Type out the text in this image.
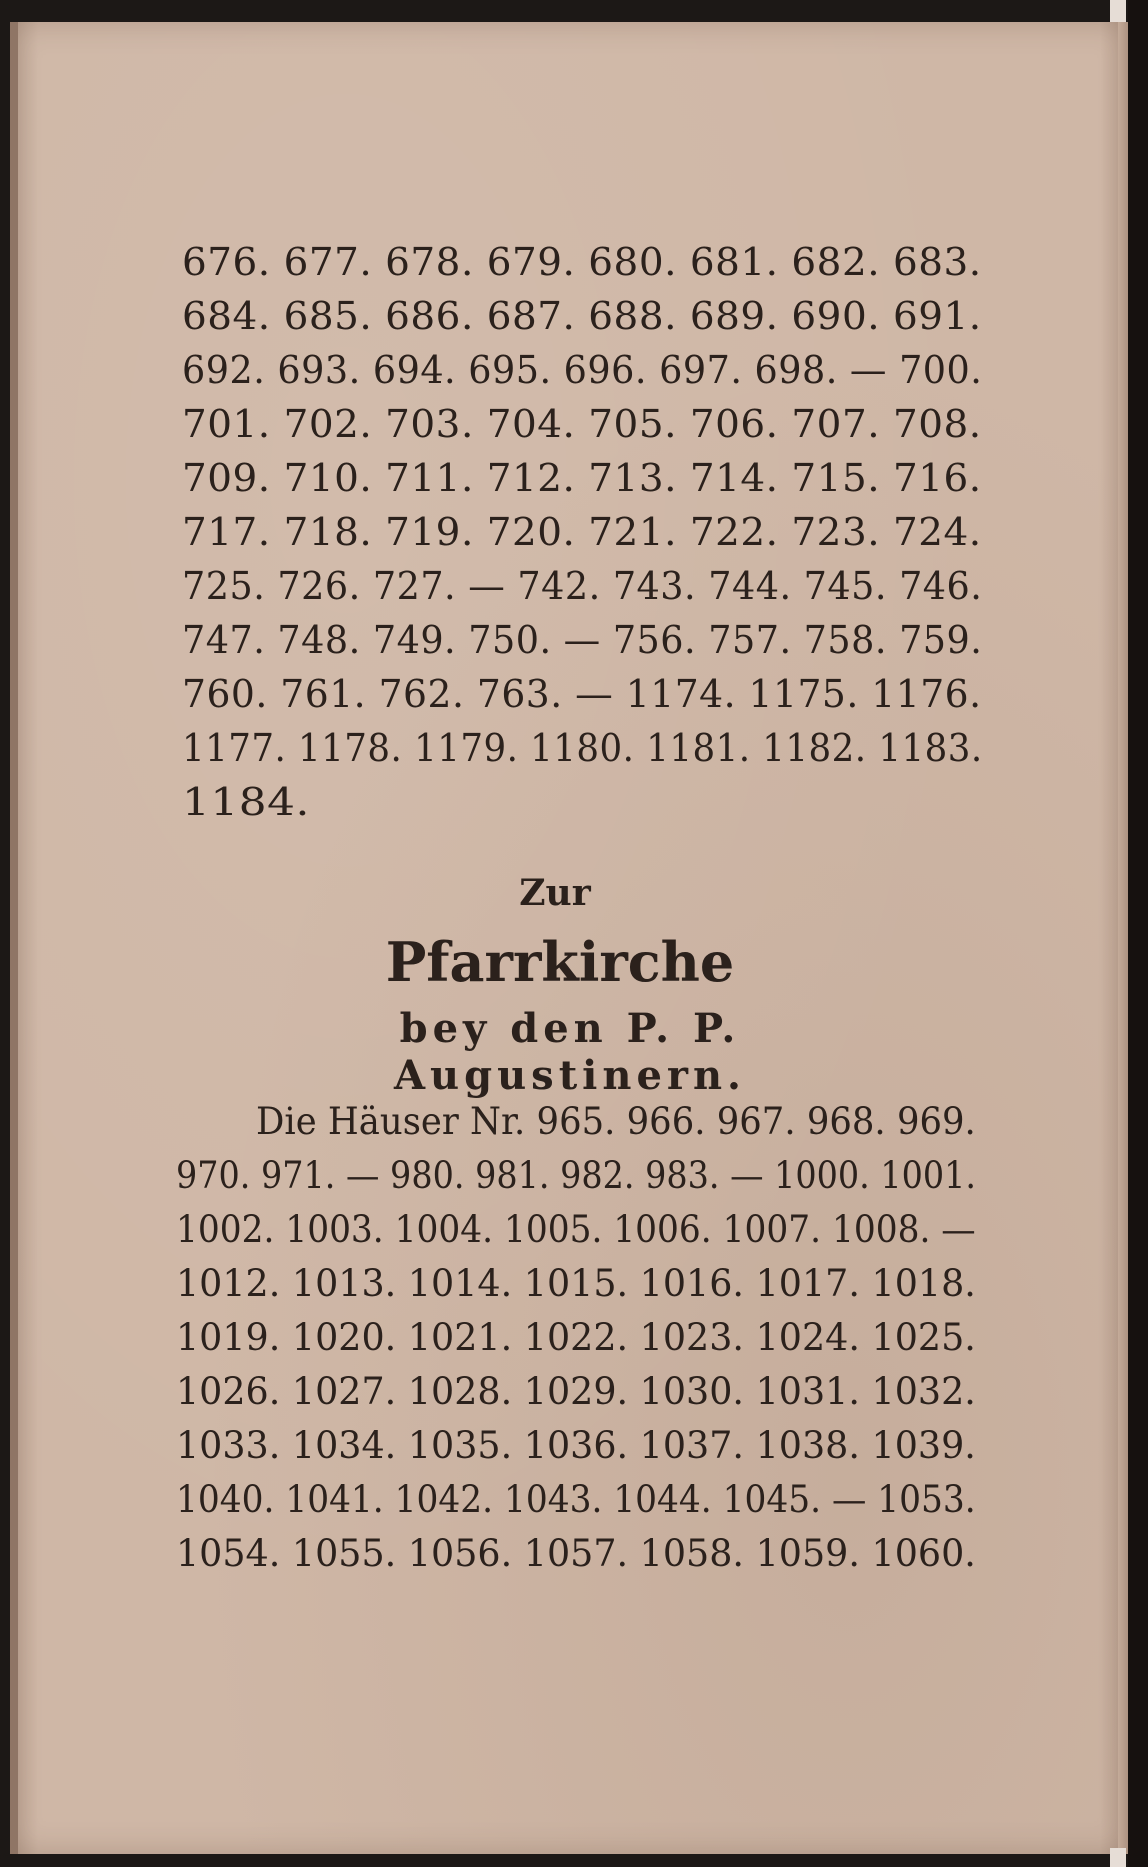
676. 677. 678. 679. 680. 681. 682. 683.
684. 685. 686. 687. 688. 689. 690. 691.
692. 693. 694. 695. 696. 697. 698. — 700.
701. 702. 703. 704. 705. 706. 707. 708.
709. 710. 711. 712. 713. 714. 715. 716.
717. 718. 719. 720. 721. 722. 723. 724.
725. 726. 727. — 742. 743. 744. 745. 746.
747. 748. 749. 750. — 756. 757. 758. 759.
760. 761. 762. 763. — 1174. 1175. 1176.
1177. 1178. 1179. 1180. 1181. 1182. 1183.
1184.
Zur
Pfarrkirche
bey den P. P. Augustinern.
Die Häuser Nr. 965. 966. 967. 968. 969.
970. 971. — 980. 981. 982. 983. — 1000. 1001.
1002. 1003. 1004. 1005. 1006. 1007. 1008. —
1012. 1013. 1014. 1015. 1016. 1017. 1018.
1019. 1020. 1021. 1022. 1023. 1024. 1025.
1026. 1027. 1028. 1029. 1030. 1031. 1032.
1033. 1034. 1035. 1036. 1037. 1038. 1039.
1040. 1041. 1042. 1043. 1044. 1045. — 1053.
1054. 1055. 1056. 1057. 1058. 1059. 1060.
